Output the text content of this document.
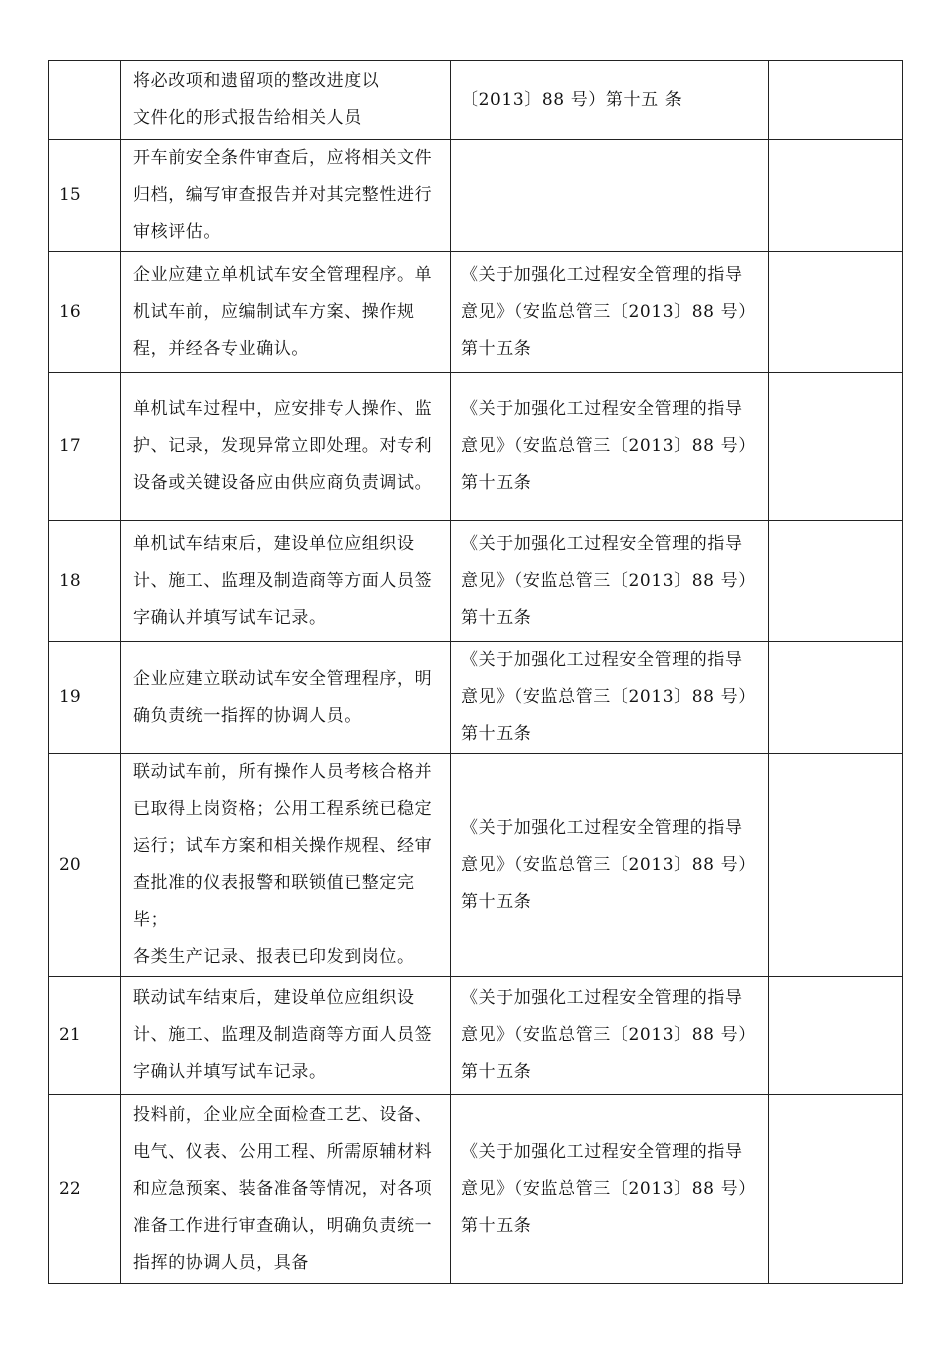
	将必改项和遗留项的整改进度以
文件化的形式报告给相关人员	〔2013〕88 号）第十五 条	

15	开车前安全条件审查后，应将相关文件归档，编写审查报告并对其完整性进行审核评估。		

16	企业应建立单机试车安全管理程序。单机试车前，应编制试车方案、操作规程，并经各专业确认。	《关于加强化工过程安全管理的指导意见》（安监总管三〔2013〕88 号）第十五条	

17	单机试车过程中，应安排专人操作、监护、记录，发现异常立即处理。对专利设备或关键设备应由供应商负责调试。	《关于加强化工过程安全管理的指导意见》（安监总管三〔2013〕88 号）第十五条	

18	单机试车结束后，建设单位应组织设计、施工、监理及制造商等方面人员签字确认并填写试车记录。	《关于加强化工过程安全管理的指导意见》（安监总管三〔2013〕88 号）第十五条	

19	企业应建立联动试车安全管理程序，明确负责统一指挥的协调人员。	《关于加强化工过程安全管理的指导意见》（安监总管三〔2013〕88 号）第十五条	

20	联动试车前，所有操作人员考核合格并已取得上岗资格；公用工程系统已稳定运行；试车方案和相关操作规程、经审查批准的仪表报警和联锁值已整定完毕；
各类生产记录、报表已印发到岗位。	《关于加强化工过程安全管理的指导意见》（安监总管三〔2013〕88 号）第十五条	

21	联动试车结束后，建设单位应组织设计、施工、监理及制造商等方面人员签字确认并填写试车记录。	《关于加强化工过程安全管理的指导意见》（安监总管三〔2013〕88 号）第十五条	

22	投料前，企业应全面检查工艺、设备、电气、仪表、公用工程、所需原辅材料和应急预案、装备准备等情况，对各项准备工作进行审查确认，明确负责统一指挥的协调人员，具备	《关于加强化工过程安全管理的指导意见》（安监总管三〔2013〕88 号）第十五条	
